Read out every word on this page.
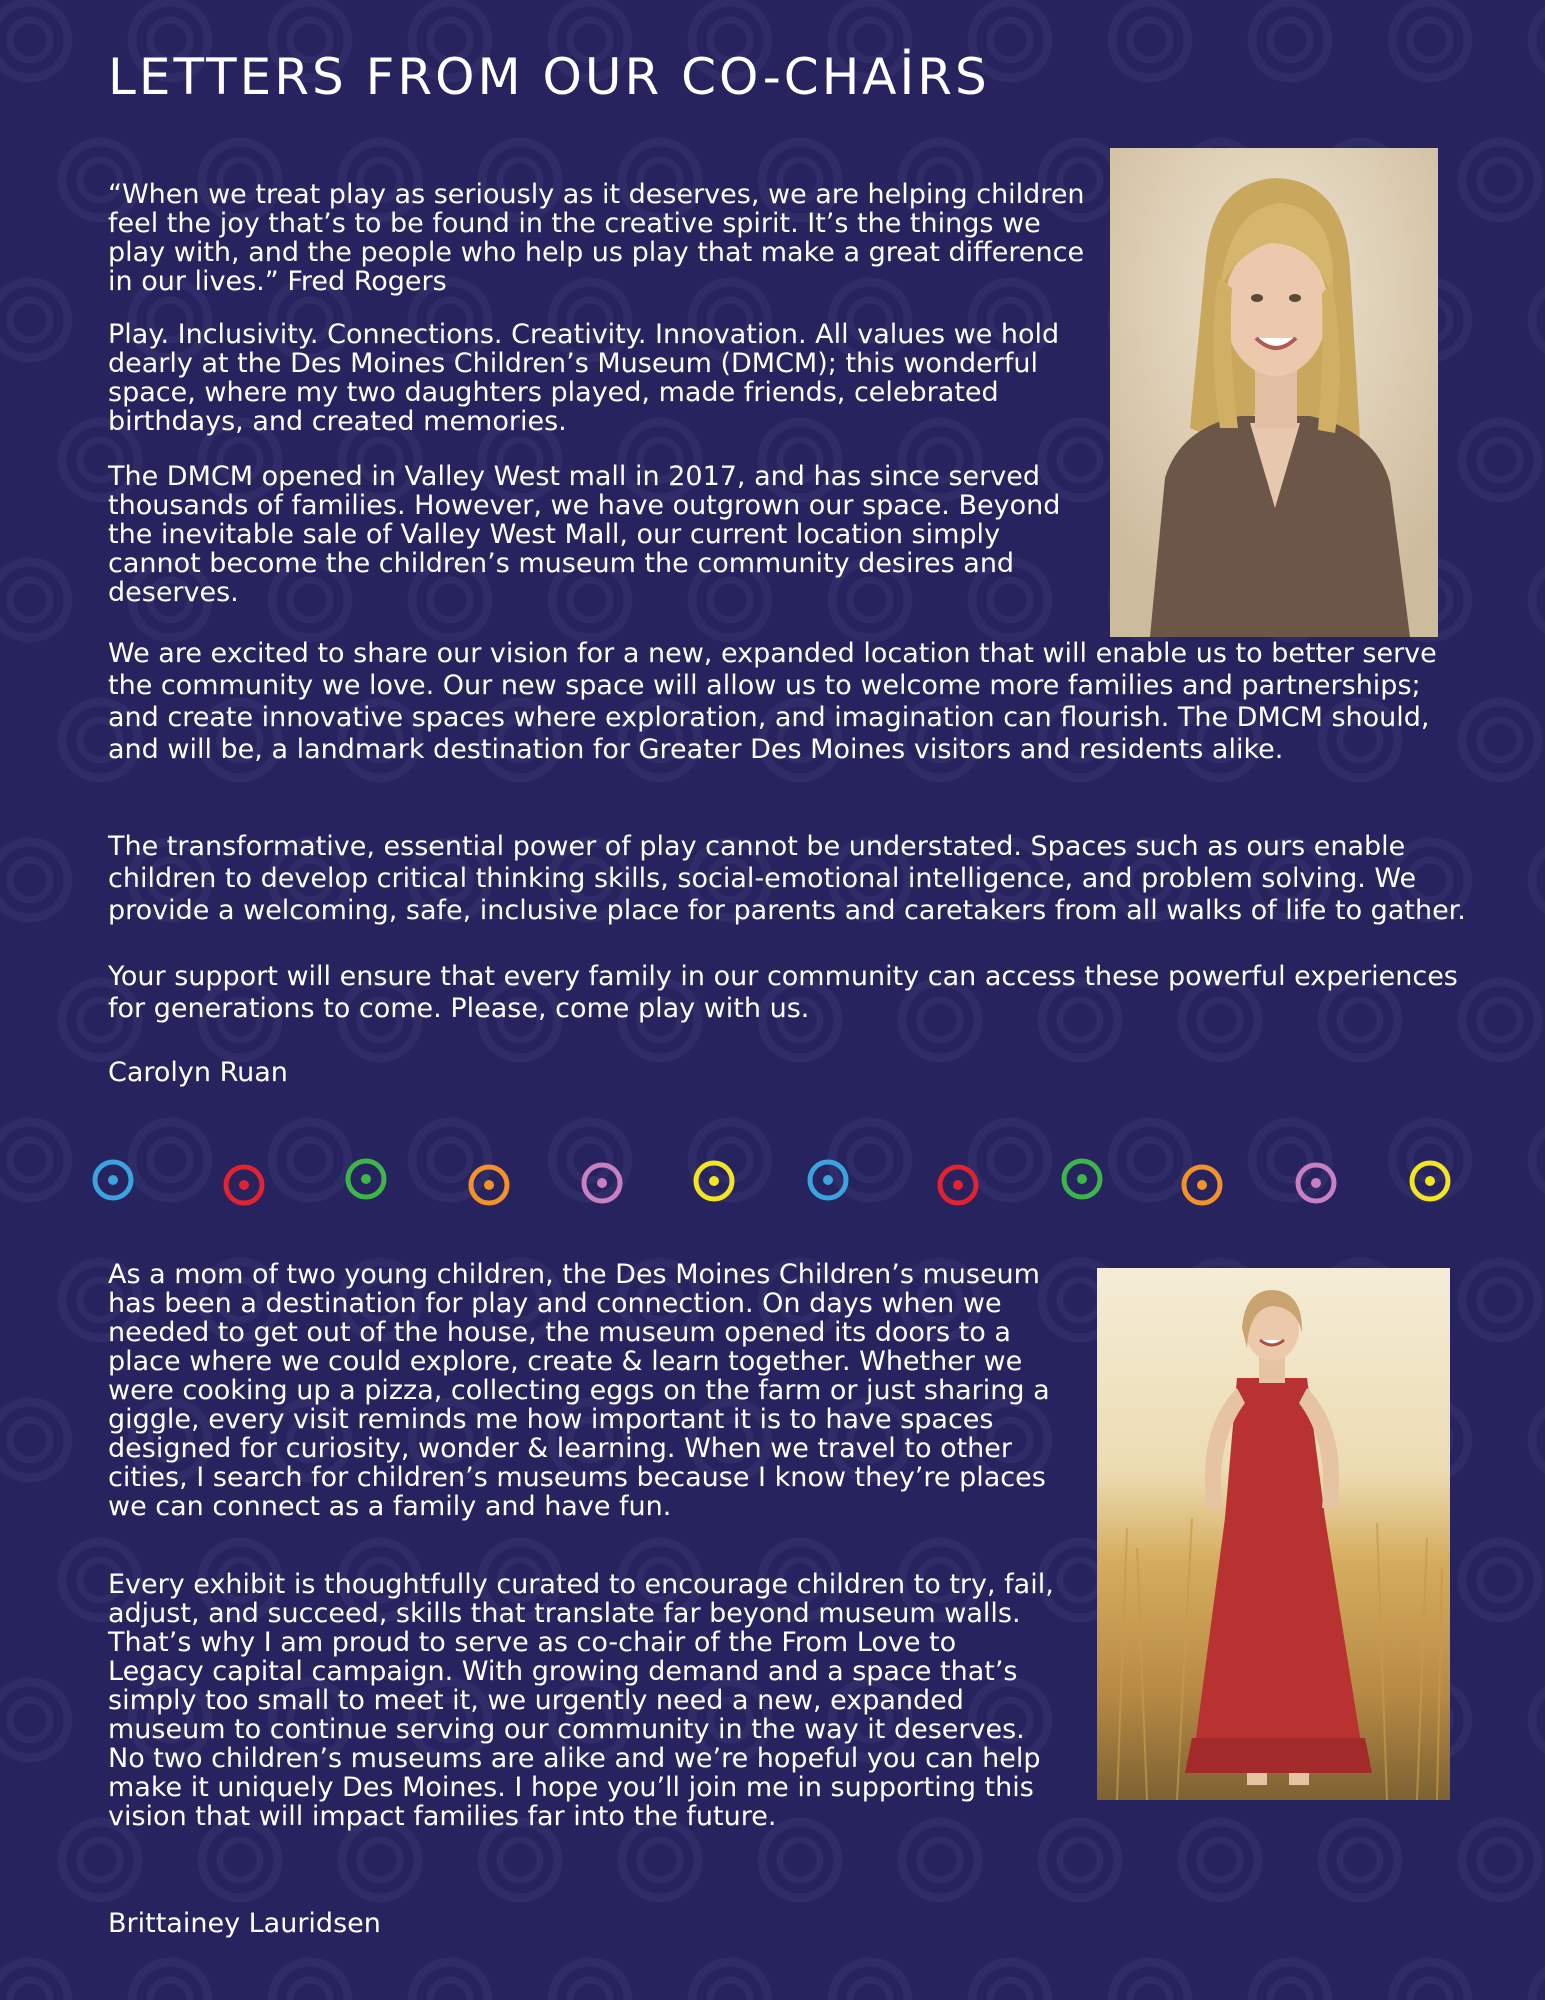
LETTERS FROM OUR CO-CHAİRS

“When we treat play as seriously as it deserves, we are helping children feel the joy that’s to be found in the creative spirit. It’s the things we play with, and the people who help us play that make a great difference in our lives.” Fred Rogers

Play. Inclusivity. Connections. Creativity. Innovation. All values we hold dearly at the Des Moines Children’s Museum (DMCM); this wonderful space, where my two daughters played, made friends, celebrated birthdays, and created memories.

The DMCM opened in Valley West mall in 2017, and has since served thousands of families. However, we have outgrown our space. Beyond the inevitable sale of Valley West Mall, our current location simply cannot become the children’s museum the community desires and deserves.

We are excited to share our vision for a new, expanded location that will enable us to better serve the community we love. Our new space will allow us to welcome more families and partnerships; and create innovative spaces where exploration, and imagination can flourish. The DMCM should, and will be, a landmark destination for Greater Des Moines visitors and residents alike.

The transformative, essential power of play cannot be understated. Spaces such as ours enable children to develop critical thinking skills, social-emotional intelligence, and problem solving. We provide a welcoming, safe, inclusive place for parents and caretakers from all walks of life to gather.

Your support will ensure that every family in our community can access these powerful experiences for generations to come. Please, come play with us.

Carolyn Ruan

As a mom of two young children, the Des Moines Children’s museum has been a destination for play and connection. On days when we needed to get out of the house, the museum opened its doors to a place where we could explore, create & learn together. Whether we were cooking up a pizza, collecting eggs on the farm or just sharing a giggle, every visit reminds me how important it is to have spaces designed for curiosity, wonder & learning. When we travel to other cities, I search for children’s museums because I know they’re places we can connect as a family and have fun.

Every exhibit is thoughtfully curated to encourage children to try, fail, adjust, and succeed, skills that translate far beyond museum walls. That’s why I am proud to serve as co-chair of the From Love to Legacy capital campaign. With growing demand and a space that’s simply too small to meet it, we urgently need a new, expanded museum to continue serving our community in the way it deserves. No two children’s museums are alike and we’re hopeful you can help make it uniquely Des Moines. I hope you’ll join me in supporting this vision that will impact families far into the future.

Brittainey Lauridsen
